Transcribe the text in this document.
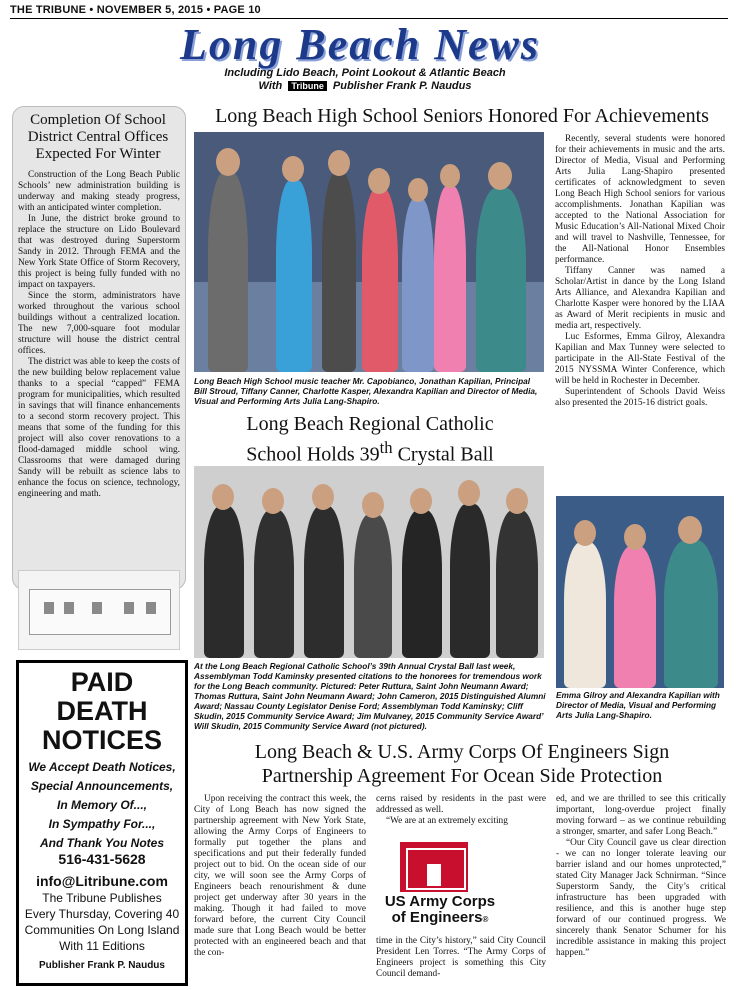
THE TRIBUNE • NOVEMBER 5, 2015 • PAGE 10
Long Beach News
Including Lido Beach, Point Lookout & Atlantic Beach
With Tribune Publisher Frank P. Naudus
Completion Of School District Central Offices Expected For Winter

Construction of the Long Beach Public Schools’ new administration building is underway and making steady progress, with an anticipated winter completion.

In June, the district broke ground to replace the structure on Lido Boulevard that was destroyed during Superstorm Sandy in 2012. Through FEMA and the New York State Office of Storm Recovery, this project is being fully funded with no impact on taxpayers.

Since the storm, administrators have worked throughout the various school buildings without a centralized location. The new 7,000-square foot modular structure will house the district central offices.

The district was able to keep the costs of the new building below replacement value thanks to a special “capped” FEMA program for municipalities, which resulted in savings that will finance enhancements to a second storm recovery project. This means that some of the funding for this project will also cover renovations to a flood-damaged middle school wing. Classrooms that were damaged during Sandy will be rebuilt as science labs to enhance the focus on science, technology, engineering and math.

PAID
DEATH
NOTICES
We Accept Death Notices,
Special Announcements,
In Memory Of...,
In Sympathy For...,
And Thank You Notes
516-431-5628
info@Litribune.com
The Tribune Publishes
Every Thursday, Covering 40
Communities On Long Island
With 11 Editions
Publisher Frank P. Naudus
Long Beach High School Seniors Honored For Achievements
Long Beach High School music teacher Mr. Capobianco, Jonathan Kapilian, Principal Bill Stroud, Tiffany Canner, Charlotte Kasper, Alexandra Kapilian and Director of Media, Visual and Performing Arts Julia Lang-Shapiro.

Recently, several students were honored for their achievements in music and the arts. Director of Media, Visual and Performing Arts Julia Lang-Shapiro presented certificates of acknowledgment to seven Long Beach High School seniors for various accomplishments. Jonathan Kapilian was accepted to the National Association for Music Education’s All-National Mixed Choir and will travel to Nashville, Tennessee, for the All-National Honor Ensembles performance.

Tiffany Canner was named a Scholar/Artist in dance by the Long Island Arts Alliance, and Alexandra Kapilian and Charlotte Kasper were honored by the LIAA as Award of Merit recipients in music and media art, respectively.

Luc Esformes, Emma Gilroy, Alexandra Kapilian and Max Tunney were selected to participate in the All-State Festival of the 2015 NYSSMA Winter Conference, which will be held in Rochester in December.

Superintendent of Schools David Weiss also presented the 2015-16 district goals.

Emma Gilroy and Alexandra Kapilian with Director of Media, Visual and Performing Arts Julia Lang-Shapiro.
Long Beach Regional Catholic
School Holds 39th Crystal Ball
At the Long Beach Regional Catholic School’s 39th Annual Crystal Ball last week, Assemblyman Todd Kaminsky presented citations to the honorees for tremendous work for the Long Beach community. Pictured: Peter Ruttura, Saint John Neumann Award; Thomas Ruttura, Saint John Neumann Award; John Cameron, 2015 Distinguished Alumni Award; Nassau County Legislator Denise Ford; Assemblyman Todd Kaminsky; Cliff Skudin, 2015 Community Service Award; Jim Mulvaney, 2015 Community Service Award’ Will Skudin, 2015 Community Service Award (not pictured).
Long Beach & U.S. Army Corps Of Engineers Sign
Partnership Agreement For Ocean Side Protection

Upon receiving the contract this week, the City of Long Beach has now signed the partnership agreement with New York State, allowing the Army Corps of Engineers to formally put together the plans and specifications and put their federally funded project out to bid. On the ocean side of our city, we will soon see the Army Corps of Engineers beach renourishment & dune project get underway after 30 years in the making. Though it had failed to move forward before, the current City Council made sure that Long Beach would be better protected with an engineered beach and that the con-

cerns raised by residents in the past were addressed as well.

“We are at an extremely exciting

US Army Corps
of Engineers®

time in the City’s history,” said City Council President Len Torres. “The Army Corps of Engineers project is something this City Council demand-

ed, and we are thrilled to see this critically important, long-overdue project finally moving forward – as we continue rebuilding a stronger, smarter, and safer Long Beach.”

“Our City Council gave us clear direction - we can no longer tolerate leaving our barrier island and our homes unprotected,” stated City Manager Jack Schnirman. “Since Superstorm Sandy, the City’s critical infrastructure has been upgraded with resilience, and this is another huge step forward of our continued progress. We sincerely thank Senator Schumer for his incredible assistance in making this project happen.”
